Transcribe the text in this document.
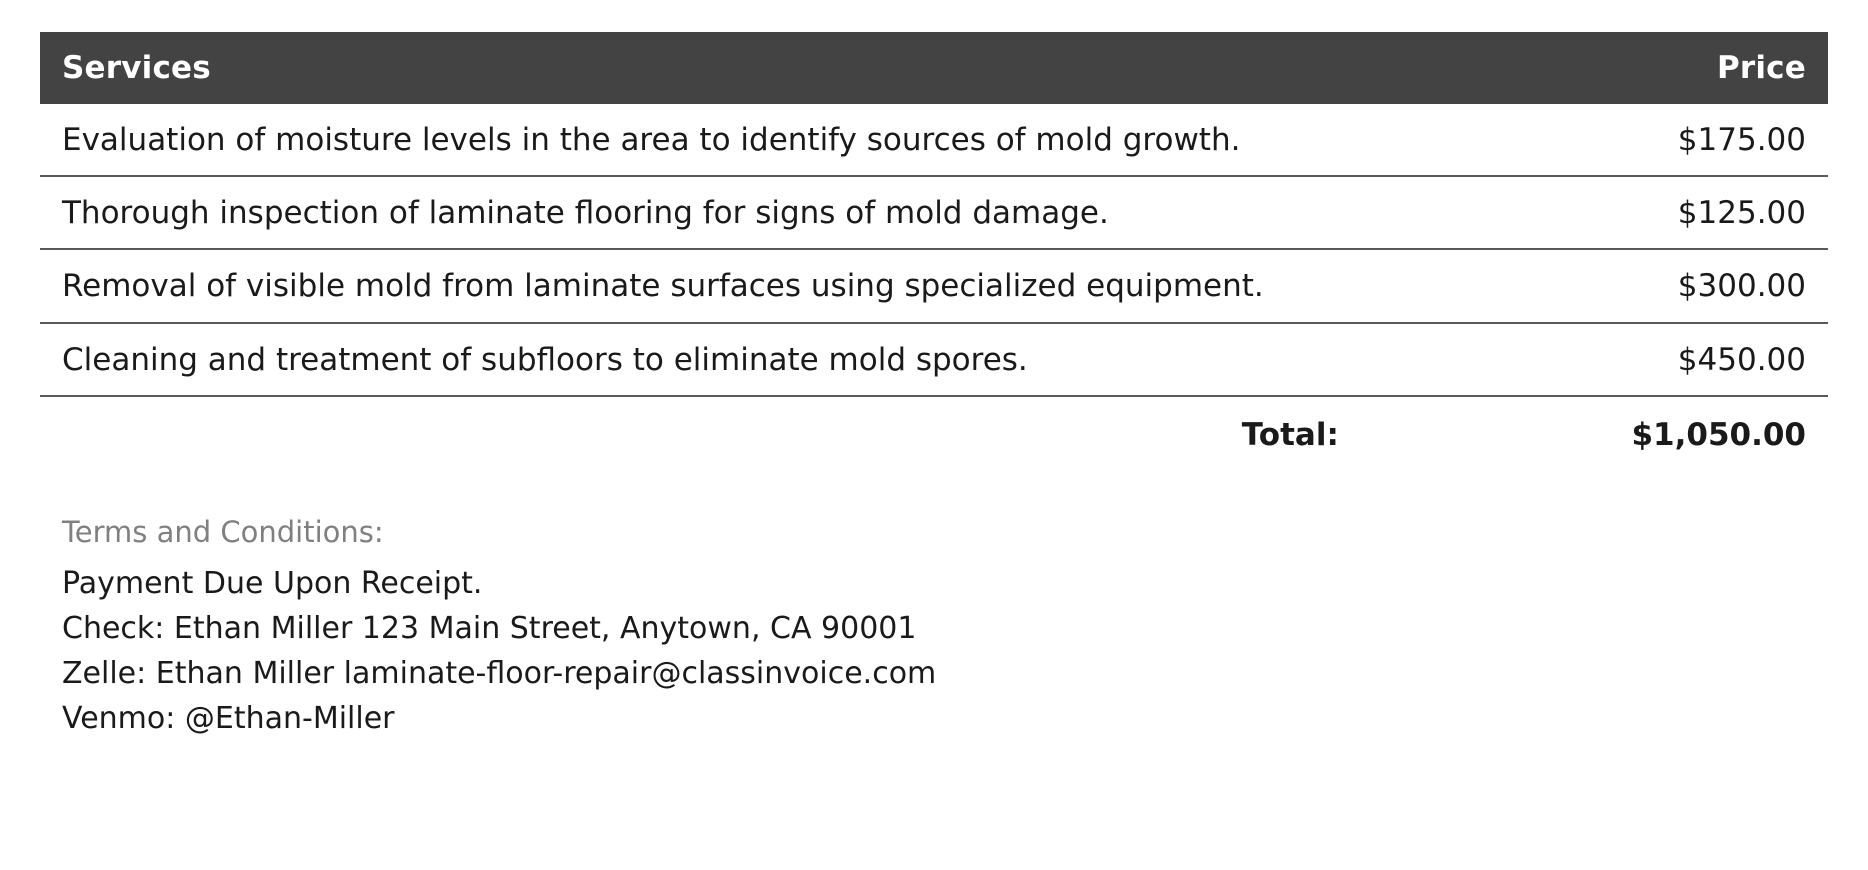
Services	Price
Evaluation of moisture levels in the area to identify sources of mold growth.	$175.00
Thorough inspection of laminate flooring for signs of mold damage.	$125.00
Removal of visible mold from laminate surfaces using specialized equipment.	$300.00
Cleaning and treatment of subfloors to eliminate mold spores.	$450.00
Total:	$1,050.00
Terms and Conditions:
Payment Due Upon Receipt.
Check: Ethan Miller 123 Main Street, Anytown, CA 90001
Zelle: Ethan Miller laminate-floor-repair@classinvoice.com
Venmo: @Ethan-Miller
